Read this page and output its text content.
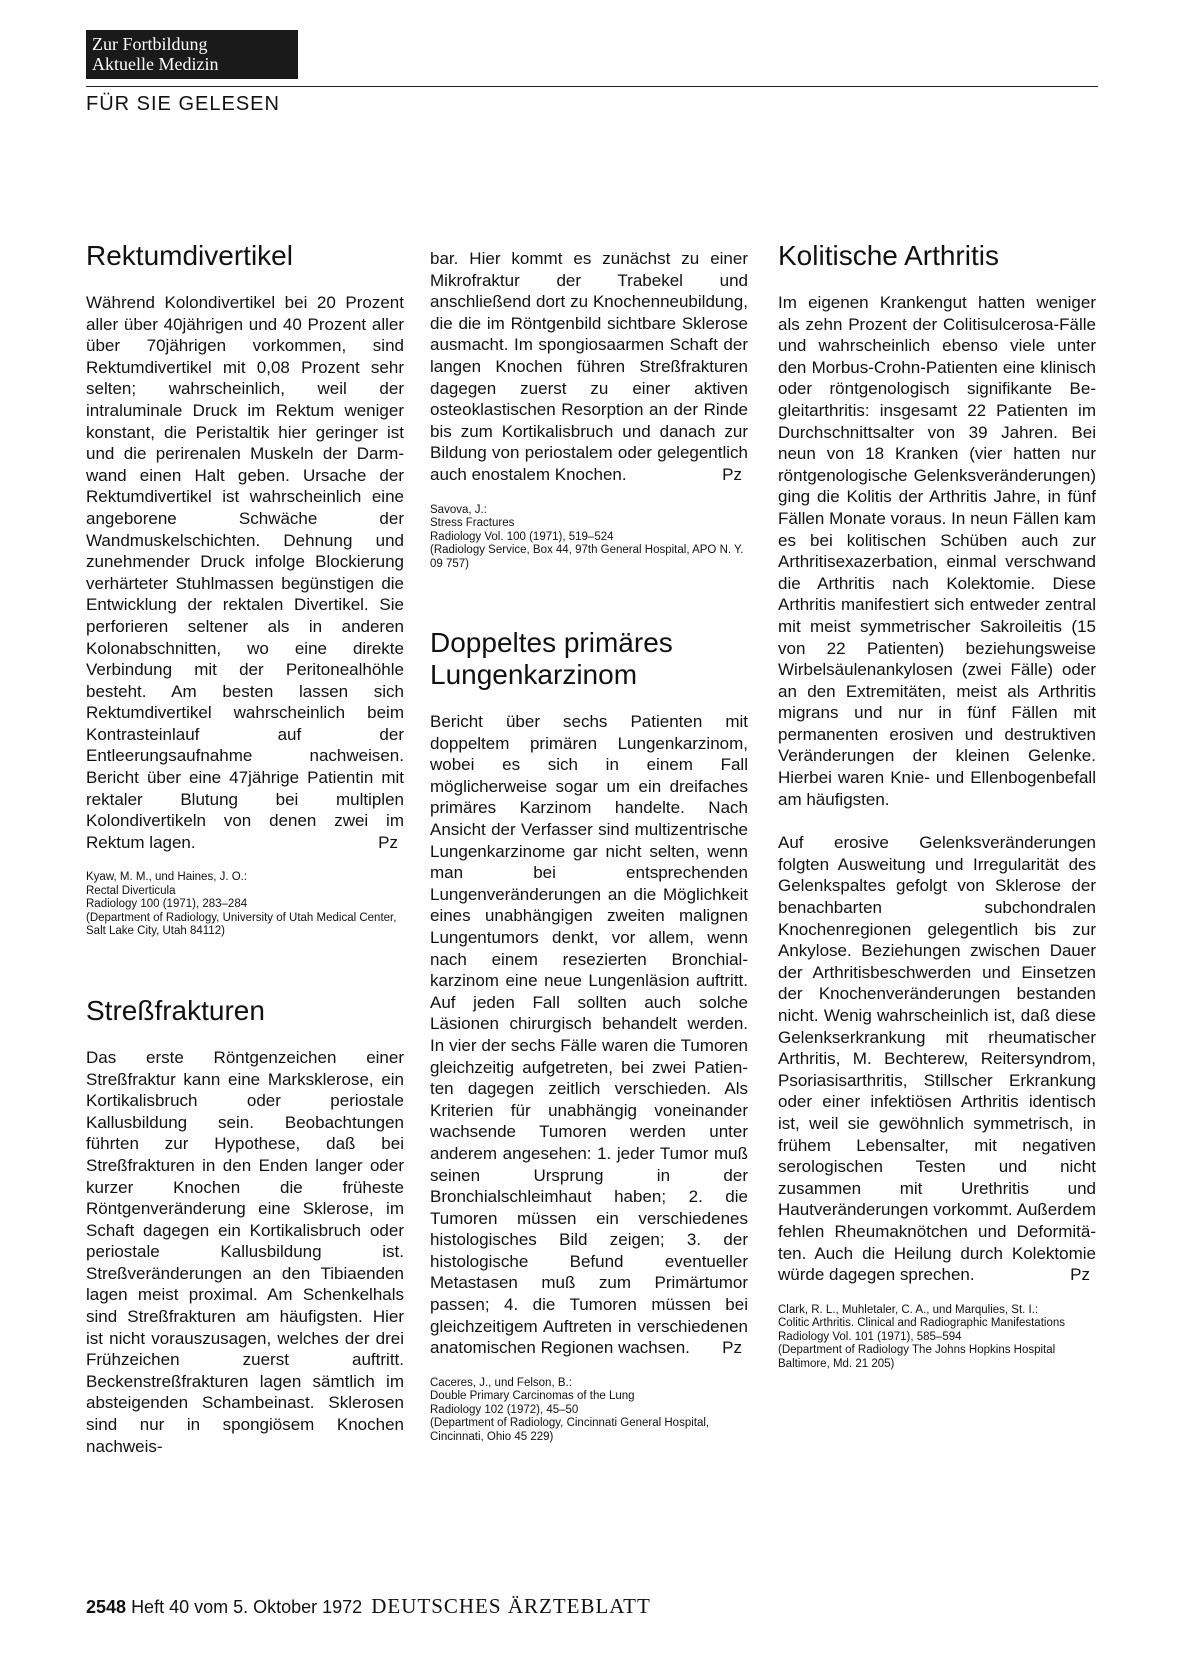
Zur Fortbildung
Aktuelle Medizin
FÜR SIE GELESEN
Rektumdivertikel

Während Kolondivertikel bei 20 Prozent aller über 40jährigen und 40 Prozent aller über 70jährigen vorkommen, sind Rektumdivertikel mit 0,08 Prozent sehr selten; wahrscheinlich, weil der intraluminale Druck im Rektum weniger konstant, die Peristaltik hier geringer ist und die perirenalen Muskeln der Darmwand einen Halt geben. Ursache der Rektumdivertikel ist wahrscheinlich eine angeborene Schwäche der Wandmuskelschichten. Dehnung und zunehmender Druck infolge Blockierung verhärteter Stuhlmassen begünstigen die Entwicklung der rektalen Divertikel. Sie perforieren seltener als in anderen Kolonabschnitten, wo eine direkte Verbindung mit der Peritonealhöhle besteht. Am besten lassen sich Rektumdivertikel wahrscheinlich beim Kontrasteinlauf auf der Entleerungsaufnahme nachweisen. Bericht über eine 47jährige Patientin mit rektaler Blutung bei multiplen Kolondivertikeln von denen zwei im Rektum lagen.	Pz

Kyaw, M. M., und Haines, J. O.:
Rectal Diverticula
Radiology 100 (1971), 283–284
(Department of Radiology, University of Utah Medical Center, Salt Lake City, Utah 84112)
Streßfrakturen

Das erste Röntgenzeichen einer Streßfraktur kann eine Marksklerose, ein Kortikalisbruch oder periostale Kallusbildung sein. Beobachtungen führten zur Hypothese, daß bei Streßfrakturen in den Enden langer oder kurzer Knochen die früheste Röntgenveränderung eine Sklerose, im Schaft dagegen ein Kortikalisbruch oder periostale Kallusbildung ist. Streßveränderungen an den Tibiaenden lagen meist proximal. Am Schenkelhals sind Streßfrakturen am häufigsten. Hier ist nicht vorauszusagen, welches der drei Frühzeichen zuerst auftritt. Beckenstreßfrakturen lagen sämtlich im absteigenden Schambeinast. Sklerosen sind nur in spongiösem Knochen nachweis-

bar. Hier kommt es zunächst zu einer Mikrofraktur der Trabekel und anschließend dort zu Knochenneubildung, die die im Röntgenbild sichtbare Sklerose ausmacht. Im spongiosaarmen Schaft der langen Knochen führen Streßfrakturen dagegen zuerst zu einer aktiven osteoklastischen Resorption an der Rinde bis zum Kortikalisbruch und danach zur Bildung von periostalem oder gelegentlich auch enostalem Knochen.	Pz

Savova, J.:
Stress Fractures
Radiology Vol. 100 (1971), 519–524
(Radiology Service, Box 44, 97th General Hospital, APO N. Y. 09 757)
Doppeltes primäres Lungenkarzinom

Bericht über sechs Patienten mit doppeltem primären Lungenkarzinom, wobei es sich in einem Fall möglicherweise sogar um ein dreifaches primäres Karzinom handelte. Nach Ansicht der Verfasser sind multizentrische Lungenkarzinome gar nicht selten, wenn man bei entsprechenden Lungenveränderungen an die Möglichkeit eines unabhängigen zweiten malignen Lungentumors denkt, vor allem, wenn nach einem resezierten Bronchialkarzinom eine neue Lungenläsion auftritt. Auf jeden Fall sollten auch solche Läsionen chirurgisch behandelt werden. In vier der sechs Fälle waren die Tumoren gleichzeitig aufgetreten, bei zwei Patienten dagegen zeitlich verschieden. Als Kriterien für unabhängig voneinander wachsende Tumoren werden unter anderem angesehen: 1. jeder Tumor muß seinen Ursprung in der Bronchialschleimhaut haben; 2. die Tumoren müssen ein verschiedenes histologisches Bild zeigen; 3. der histologische Befund eventueller Metastasen muß zum Primärtumor passen; 4. die Tumoren müssen bei gleichzeitigem Auftreten in verschiedenen anatomischen Regionen wachsen. Pz

Caceres, J., und Felson, B.:
Double Primary Carcinomas of the Lung
Radiology 102 (1972), 45–50
(Department of Radiology, Cincinnati General Hospital, Cincinnati, Ohio 45 229)
Kolitische Arthritis

Im eigenen Krankengut hatten weniger als zehn Prozent der Colitisulcerosa-Fälle und wahrscheinlich ebenso viele unter den Morbus-Crohn-Patienten eine klinisch oder röntgenologisch signifikante Begleitarthritis: insgesamt 22 Patienten im Durchschnittsalter von 39 Jahren. Bei neun von 18 Kranken (vier hatten nur röntgenologische Gelenksveränderungen) ging die Kolitis der Arthritis Jahre, in fünf Fällen Monate voraus. In neun Fällen kam es bei kolitischen Schüben auch zur Arthritisexazerbation, einmal verschwand die Arthritis nach Kolektomie. Diese Arthritis manifestiert sich entweder zentral mit meist symmetrischer Sakroileitis (15 von 22 Patienten) beziehungsweise Wirbelsäulenankylosen (zwei Fälle) oder an den Extremitäten, meist als Arthritis migrans und nur in fünf Fällen mit permanenten erosiven und destruktiven Veränderungen der kleinen Gelenke. Hierbei waren Knie- und Ellenbogenbefall am häufigsten.

Auf erosive Gelenksveränderungen folgten Ausweitung und Irregularität des Gelenkspaltes gefolgt von Sklerose der benachbarten subchondralen Knochenregionen gelegentlich bis zur Ankylose. Beziehungen zwischen Dauer der Arthritisbeschwerden und Einsetzen der Knochenveränderungen bestanden nicht. Wenig wahrscheinlich ist, daß diese Gelenkserkrankung mit rheumatischer Arthritis, M. Bechterew, Reitersyndrom, Psoriasisarthritis, Stillscher Erkrankung oder einer infektiösen Arthritis identisch ist, weil sie gewöhnlich symmetrisch, in frühem Lebensalter, mit negativen serologischen Testen und nicht zusammen mit Urethritis und Hautveränderungen vorkommt. Außerdem fehlen Rheumaknötchen und Deformitäten. Auch die Heilung durch Kolektomie würde dagegen sprechen.	Pz

Clark, R. L., Muhletaler, C. A., und Marqulies, St. I.:
Colitic Arthritis. Clinical and Radiographic Manifestations
Radiology Vol. 101 (1971), 585–594
(Department of Radiology The Johns Hopkins Hospital Baltimore, Md. 21 205)
2548 Heft 40 vom 5. Oktober 1972 DEUTSCHES ÄRZTEBLATT
